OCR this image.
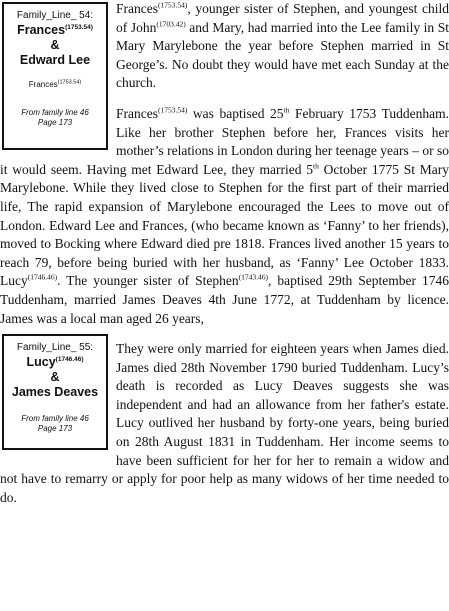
Family_Line_ 54:
Frances$^{(1753.54)}$
&
Edward Lee
Frances$^{(1753.54)}$
From family line 46
Page 173

Frances$^{(1753.54)}$, younger sister of Stephen, and youngest child of John$^{(1703.42)}$ and Mary, had married into the Lee family in St Mary Marylebone the year before Stephen married in St George’s. No doubt they would have met each Sunday at the church.

Frances$^{(1753.54)}$ was baptised 25th February 1753 Tuddenham. Like her brother Stephen before her, Frances visits her mother’s relations in London during her teenage years – or so it would seem. Having met Edward Lee, they married 5th October 1775 St Mary Marylebone. While they lived close to Stephen for the first part of their married life, The rapid expansion of Marylebone encouraged the Lees to move out of London. Edward Lee and Frances, (who became known as ‘Fanny’ to her friends), moved to Bocking where Edward died pre 1818. Frances lived another 15 years to reach 79, before being buried with her husband, as ‘Fanny’ Lee October 1833. Lucy$^{(1746.46)}$. The younger sister of Stephen$^{(1743.46)}$, baptised 29th September 1746 Tuddenham, married James Deaves 4th June 1772, at Tuddenham by licence. James was a local man aged 26 years,

Family_Line_ 55:
Lucy$^{(1746.46)}$
&
James Deaves
From family line 46
Page 173

They were only married for eighteen years when James died. James died 28th November 1790 buried Tuddenham. Lucy’s death is recorded as Lucy Deaves suggests she was independent and had an allowance from her father's estate. Lucy outlived her husband by forty-one years, being buried on 28th August 1831 in Tuddenham. Her income seems to have been sufficient for her for her to remain a widow and not have to remarry or apply for poor help as many widows of her time needed to do.
